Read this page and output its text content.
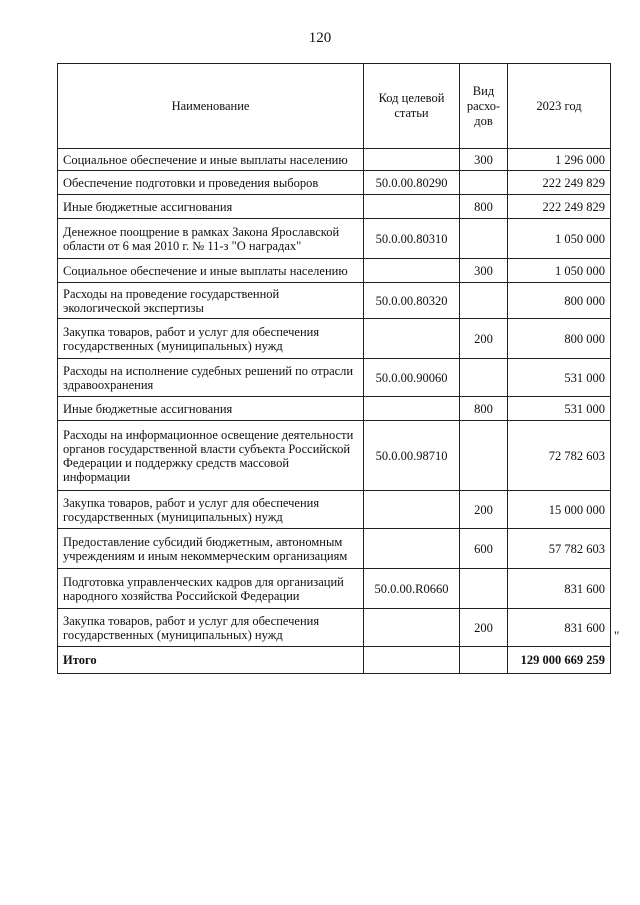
120
Наименование	Код целевой статьи	Вид расхо-дов	2023 год
Социальное обеспечение и иные выплаты населению		300	1 296 000
Обеспечение подготовки и проведения выборов	50.0.00.80290		222 249 829
Иные бюджетные ассигнования		800	222 249 829
Денежное поощрение в рамках Закона Ярославской области от 6 мая 2010 г. № 11-з "О наградах"	50.0.00.80310		1 050 000
Социальное обеспечение и иные выплаты населению		300	1 050 000
Расходы на проведение государственной экологической экспертизы	50.0.00.80320		800 000
Закупка товаров, работ и услуг для обеспечения государственных (муниципальных) нужд		200	800 000
Расходы на исполнение судебных решений по отрасли здравоохранения	50.0.00.90060		531 000
Иные бюджетные ассигнования		800	531 000
Расходы на информационное освещение деятельности органов государственной власти субъекта Российской Федерации и поддержку средств массовой информации	50.0.00.98710		72 782 603
Закупка товаров, работ и услуг для обеспечения государственных (муниципальных) нужд		200	15 000 000
Предоставление субсидий бюджетным, автономным учреждениям и иным некоммерческим организациям		600	57 782 603
Подготовка управленческих кадров для организаций народного хозяйства Российской Федерации	50.0.00.R0660		831 600
Закупка товаров, работ и услуг для обеспечения государственных (муниципальных) нужд		200	831 600
Итого			129 000 669 259
"
